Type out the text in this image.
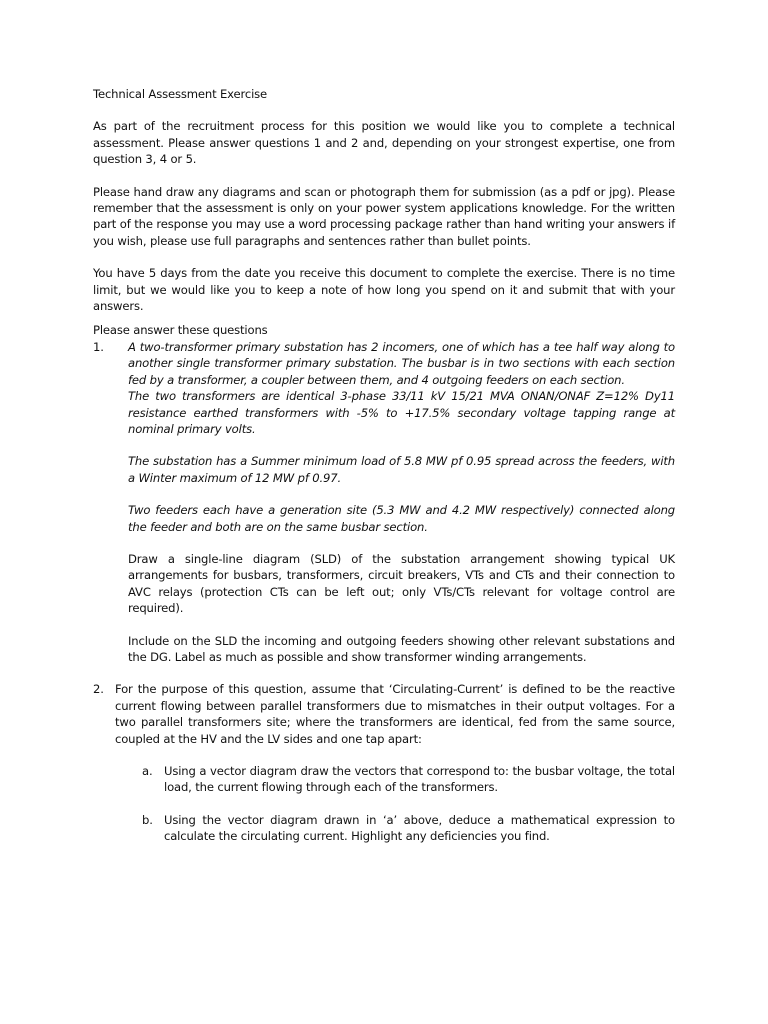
Technical Assessment Exercise

As part of the recruitment process for this position we would like you to complete a technical assessment. Please answer questions 1 and 2 and, depending on your strongest expertise, one from question 3, 4 or 5.

Please hand draw any diagrams and scan or photograph them for submission (as a pdf or jpg). Please remember that the assessment is only on your power system applications knowledge. For the written part of the response you may use a word processing package rather than hand writing your answers if you wish, please use full paragraphs and sentences rather than bullet points.

You have 5 days from the date you receive this document to complete the exercise. There is no time limit, but we would like you to keep a note of how long you spend on it and submit that with your answers.

Please answer these questions

1.	A two-transformer primary substation has 2 incomers, one of which has a tee half way along to another single transformer primary substation. The busbar is in two sections with each section fed by a transformer, a coupler between them, and 4 outgoing feeders on each section.

The two transformers are identical 3-phase 33/11 kV 15/21 MVA ONAN/ONAF Z=12% Dy11 resistance earthed transformers with -5% to +17.5% secondary voltage tapping range at nominal primary volts.

The substation has a Summer minimum load of 5.8 MW pf 0.95 spread across the feeders, with a Winter maximum of 12 MW pf 0.97.

Two feeders each have a generation site (5.3 MW and 4.2 MW respectively) connected along the feeder and both are on the same busbar section.

Draw a single-line diagram (SLD) of the substation arrangement showing typical UK arrangements for busbars, transformers, circuit breakers, VTs and CTs and their connection to AVC relays (protection CTs can be left out; only VTs/CTs relevant for voltage control are required).

Include on the SLD the incoming and outgoing feeders showing other relevant substations and the DG. Label as much as possible and show transformer winding arrangements.

2. For the purpose of this question, assume that ‘Circulating-Current’ is defined to be the reactive current flowing between parallel transformers due to mismatches in their output voltages. For a two parallel transformers site; where the transformers are identical, fed from the same source, coupled at the HV and the LV sides and one tap apart:

a. Using a vector diagram draw the vectors that correspond to: the busbar voltage, the total load, the current flowing through each of the transformers.

b. Using the vector diagram drawn in ‘a’ above, deduce a mathematical expression to calculate the circulating current. Highlight any deficiencies you find.
